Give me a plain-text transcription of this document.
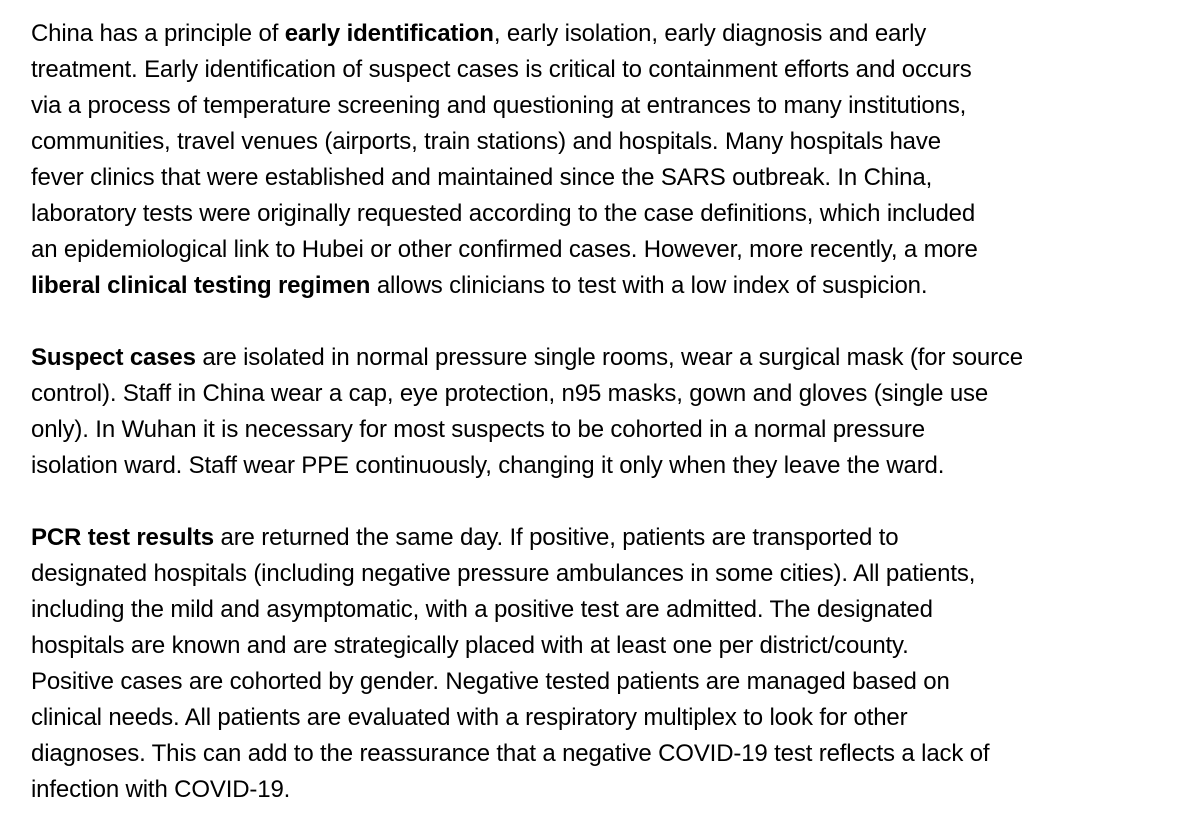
China has a principle of early identification, early isolation, early diagnosis and early
treatment. Early identification of suspect cases is critical to containment efforts and occurs
via a process of temperature screening and questioning at entrances to many institutions,
communities, travel venues (airports, train stations) and hospitals. Many hospitals have
fever clinics that were established and maintained since the SARS outbreak. In China,
laboratory tests were originally requested according to the case definitions, which included
an epidemiological link to Hubei or other confirmed cases. However, more recently, a more
liberal clinical testing regimen allows clinicians to test with a low index of suspicion.

Suspect cases are isolated in normal pressure single rooms, wear a surgical mask (for source
control). Staff in China wear a cap, eye protection, n95 masks, gown and gloves (single use
only). In Wuhan it is necessary for most suspects to be cohorted in a normal pressure
isolation ward. Staff wear PPE continuously, changing it only when they leave the ward.

PCR test results are returned the same day. If positive, patients are transported to
designated hospitals (including negative pressure ambulances in some cities). All patients,
including the mild and asymptomatic, with a positive test are admitted. The designated
hospitals are known and are strategically placed with at least one per district/county.
Positive cases are cohorted by gender. Negative tested patients are managed based on
clinical needs. All patients are evaluated with a respiratory multiplex to look for other
diagnoses. This can add to the reassurance that a negative COVID-19 test reflects a lack of
infection with COVID-19.
